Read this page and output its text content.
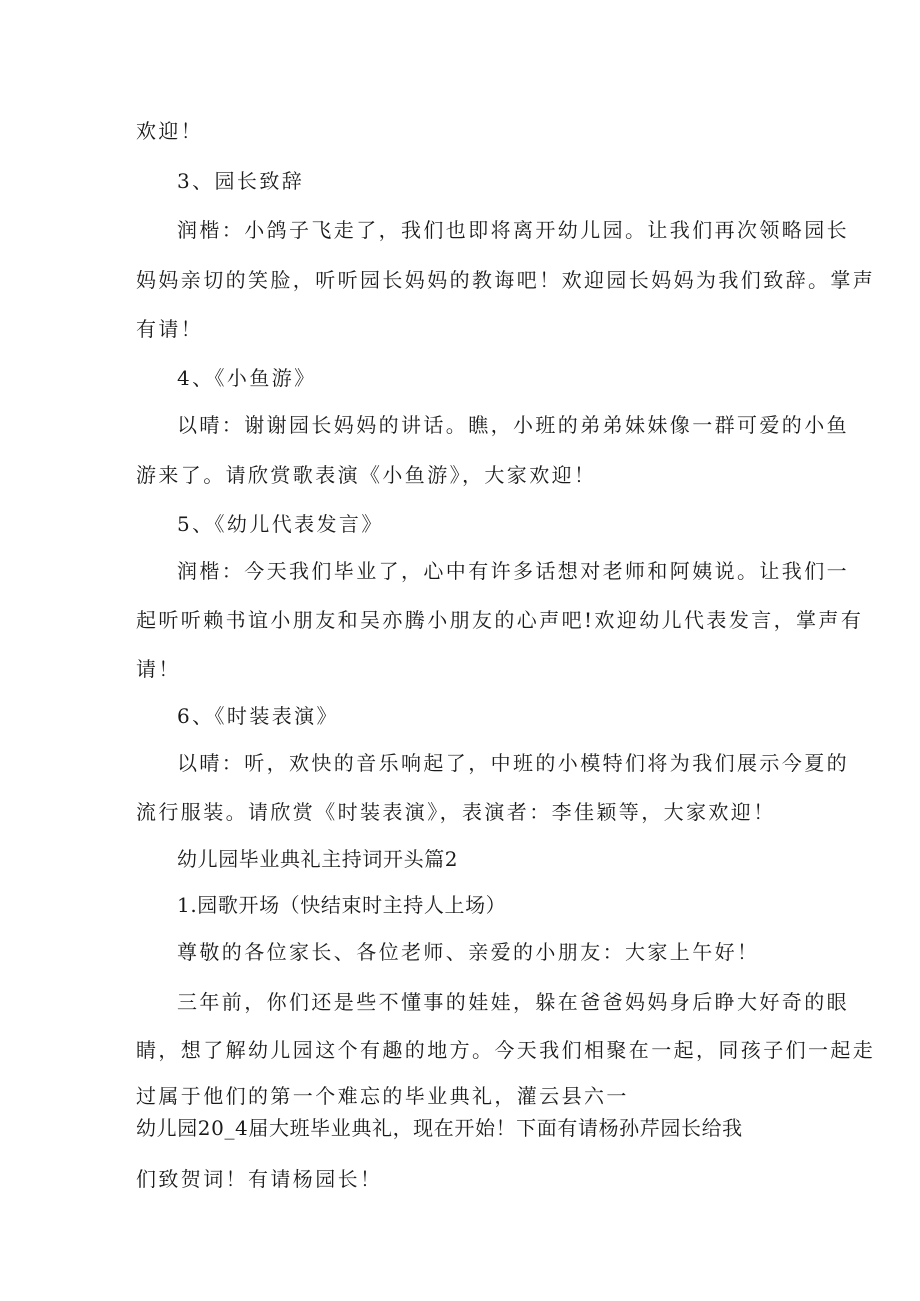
欢迎！
3、园长致辞
润楷：小鸽子飞走了，我们也即将离开幼儿园。让我们再次领略园长
妈妈亲切的笑脸，听听园长妈妈的教诲吧！欢迎园长妈妈为我们致辞。掌声
有请！
4、《小鱼游》
以晴：谢谢园长妈妈的讲话。瞧，小班的弟弟妹妹像一群可爱的小鱼
游来了。请欣赏歌表演《小鱼游》，大家欢迎！
5、《幼儿代表发言》
润楷：今天我们毕业了，心中有许多话想对老师和阿姨说。让我们一
起听听赖书谊小朋友和吴亦腾小朋友的心声吧!欢迎幼儿代表发言，掌声有
请！
6、《时装表演》
以晴：听，欢快的音乐响起了，中班的小模特们将为我们展示今夏的
流行服装。请欣赏《时装表演》，表演者：李佳颖等，大家欢迎！
幼儿园毕业典礼主持词开头篇2
1.园歌开场（快结束时主持人上场）
尊敬的各位家长、各位老师、亲爱的小朋友：大家上午好！
三年前，你们还是些不懂事的娃娃，躲在爸爸妈妈身后睁大好奇的眼
睛，想了解幼儿园这个有趣的地方。今天我们相聚在一起，同孩子们一起走
过属于他们的第一个难忘的毕业典礼，灌云县六一
幼儿园20_4届大班毕业典礼，现在开始！下面有请杨孙芹园长给我
们致贺词！有请杨园长！
